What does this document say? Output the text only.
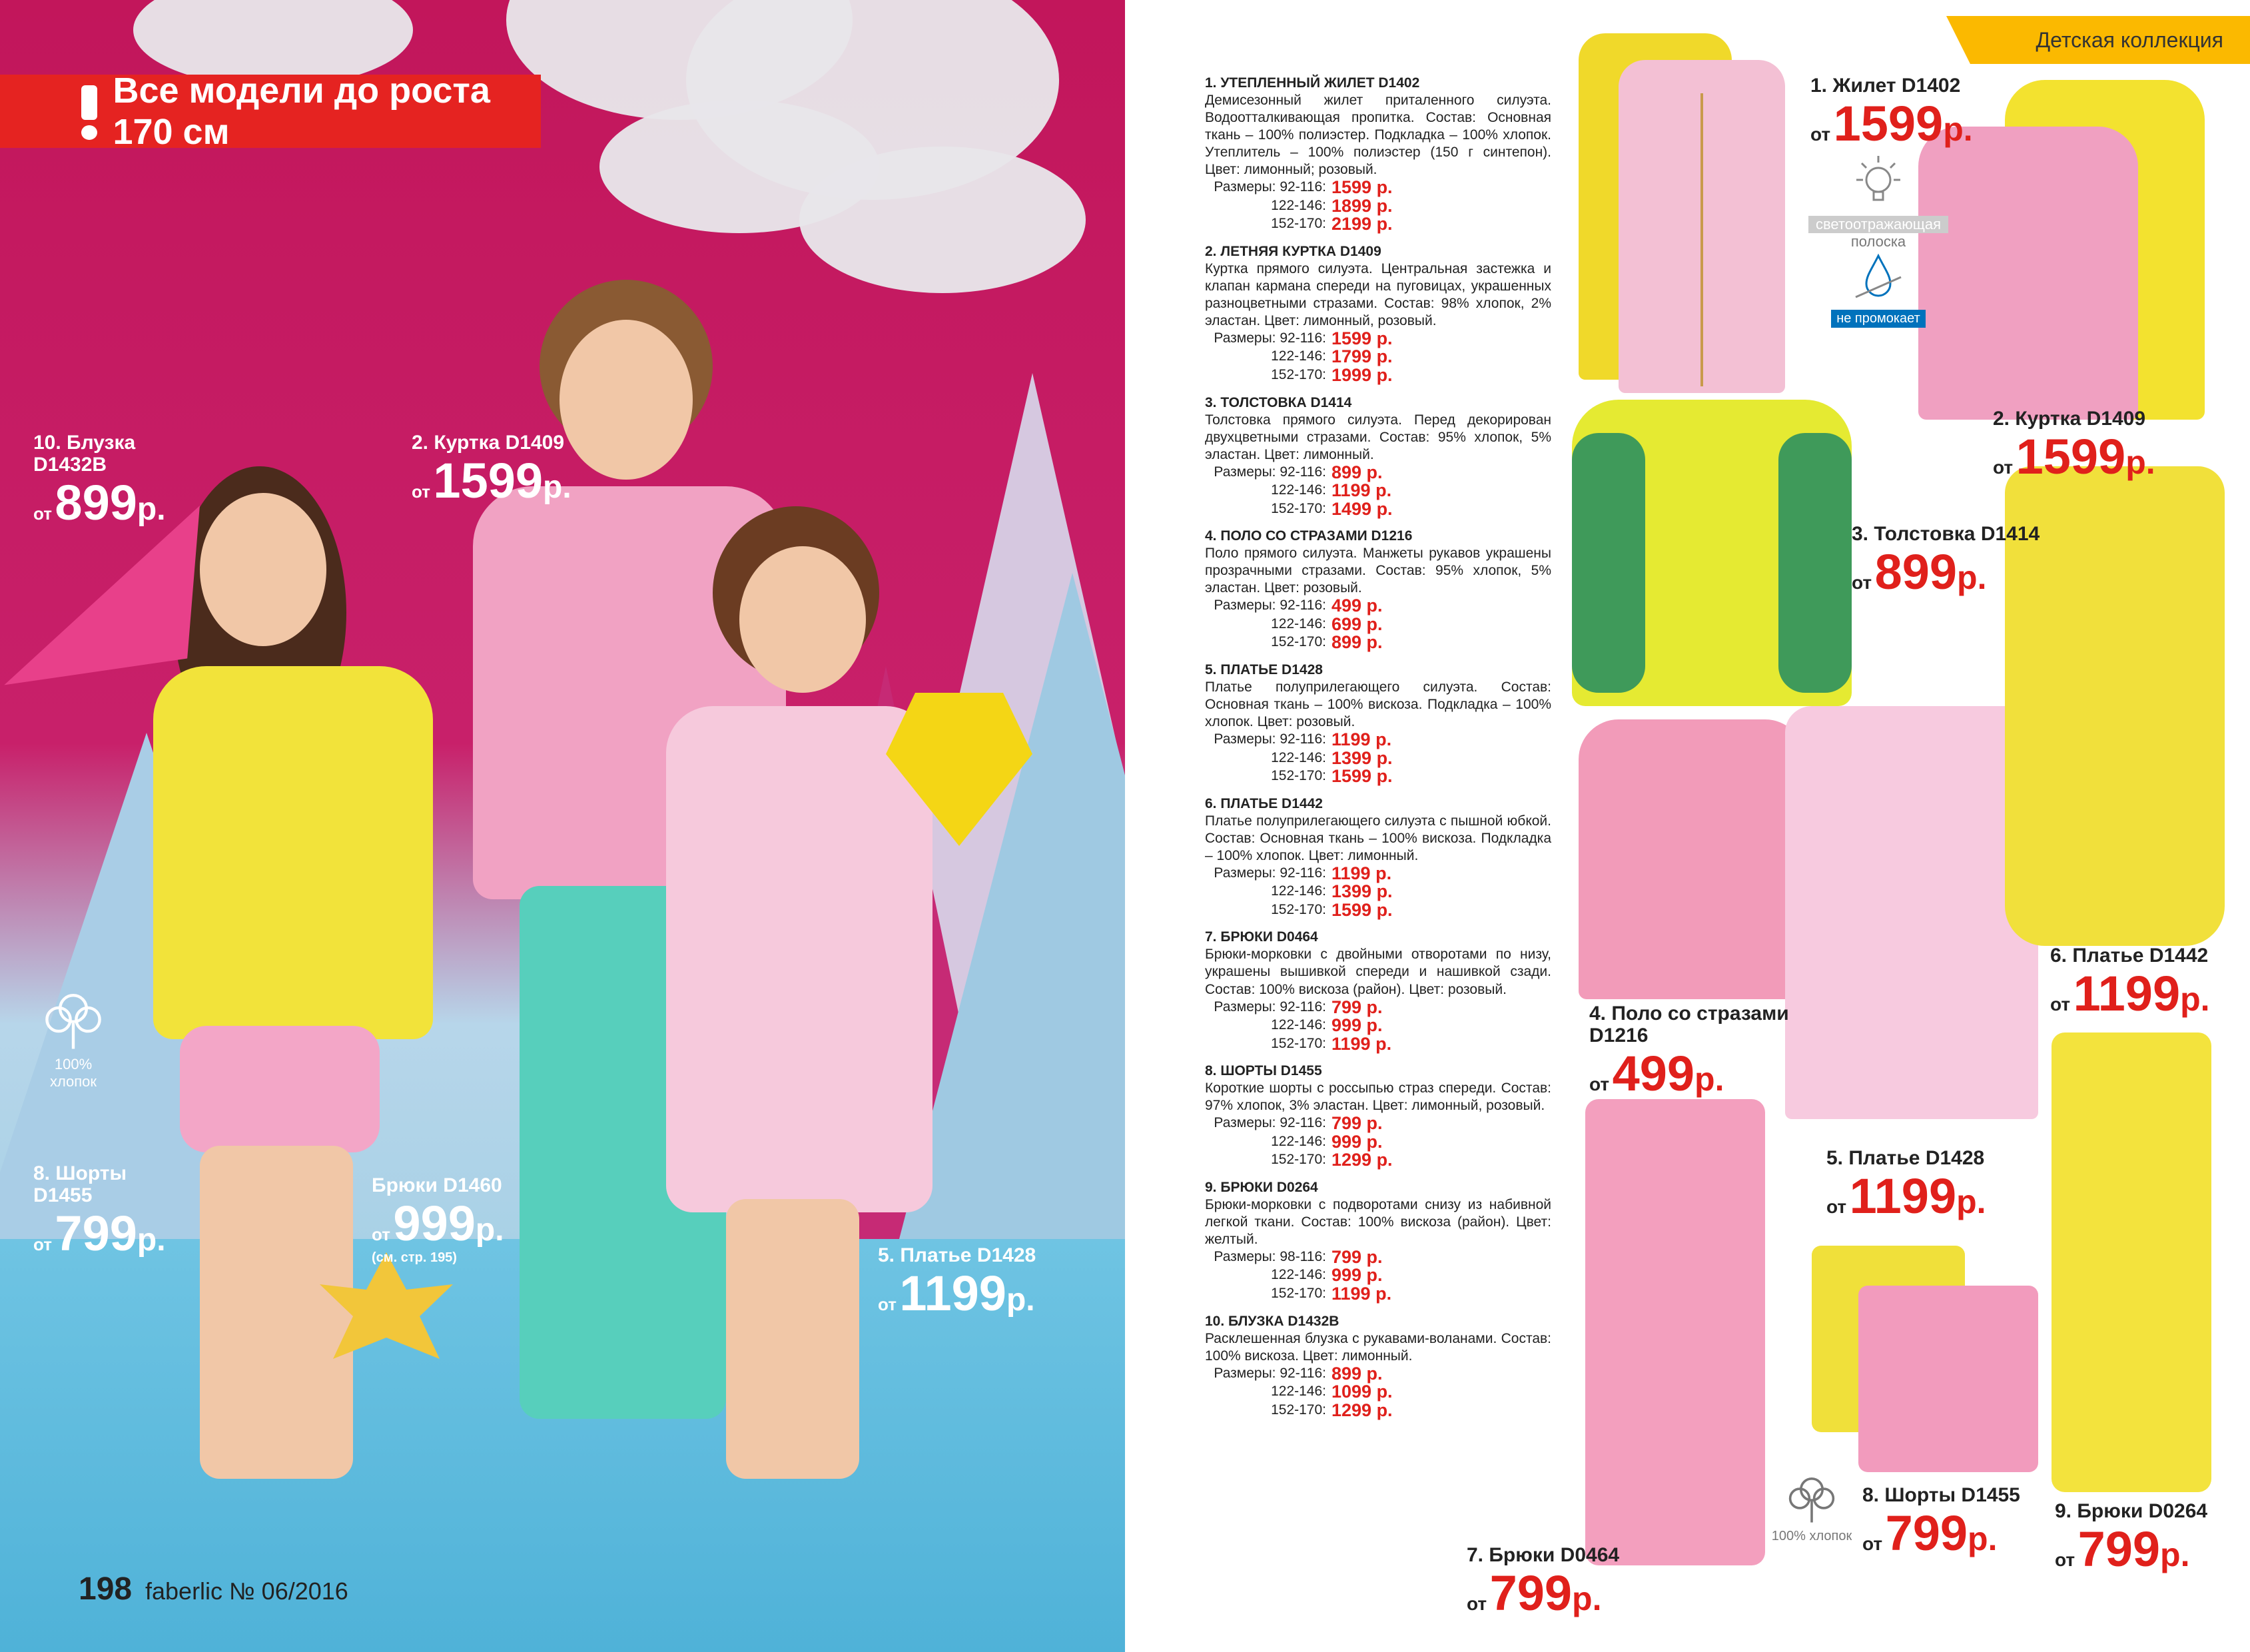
Все модели до роста 170 см
10. Блузка
D1432B
от 899р.
2. Куртка D1409
от 1599р.
100% хлопок
8. Шорты
D1455
от 799р.
Брюки D1460
от 999р.
(см. стр. 195)	5. Платье D1428
от 1199р.
198 faberlic № 06/2016
Детская коллекция
1. УТЕПЛЕННЫЙ ЖИЛЕТ D1402
Демисезонный жилет приталенного силуэта. Водоотталкивающая пропитка. Состав: Основная ткань – 100% полиэстер. Подкладка – 100% хлопок. Утеплитель – 100% полиэстер (150 г синтепон). Цвет: лимонный; розовый.
Размеры: 92-116: 1599 р.
122-146: 1899 р.
152-170: 2199 р.
2. ЛЕТНЯЯ КУРТКА D1409
Куртка прямого силуэта. Центральная застежка и клапан кармана спереди на пуговицах, украшенных разноцветными стразами. Состав: 98% хлопок, 2% эластан. Цвет: лимонный, розовый.
Размеры: 92-116: 1599 р.
122-146: 1799 р.
152-170: 1999 р.
3. ТОЛСТОВКА D1414
Толстовка прямого силуэта. Перед декорирован двухцветными стразами. Состав: 95% хлопок, 5% эластан. Цвет: лимонный.
Размеры: 92-116: 899 р.
122-146: 1199 р.
152-170: 1499 р.
4. ПОЛО СО СТРАЗАМИ D1216
Поло прямого силуэта. Манжеты рукавов украшены прозрачными стразами. Состав: 95% хлопок, 5% эластан. Цвет: розовый.
Размеры: 92-116: 499 р.
122-146: 699 р.
152-170: 899 р.
5. ПЛАТЬЕ D1428
Платье полуприлегающего силуэта. Состав: Основная ткань – 100% вискоза. Подкладка – 100% хлопок. Цвет: розовый.
Размеры: 92-116: 1199 р.
122-146: 1399 р.
152-170: 1599 р.
6. ПЛАТЬЕ D1442
Платье полуприлегающего силуэта с пышной юбкой. Состав: Основная ткань – 100% вискоза. Подкладка – 100% хлопок. Цвет: лимонный.
Размеры: 92-116: 1199 р.
122-146: 1399 р.
152-170: 1599 р.
7. БРЮКИ D0464
Брюки-морковки с двойными отворотами по низу, украшены вышивкой спереди и нашивкой сзади. Состав: 100% вискоза (район). Цвет: розовый.
Размеры: 92-116: 799 р.
122-146: 999 р.
152-170: 1199 р.
8. ШОРТЫ D1455
Короткие шорты с россыпью страз спереди. Состав: 97% хлопок, 3% эластан. Цвет: лимонный, розовый.
Размеры: 92-116: 799 р.
122-146: 999 р.
152-170: 1299 р.
9. БРЮКИ D0264
Брюки-морковки с подворотами снизу из набивной легкой ткани. Состав: 100% вискоза (район). Цвет: желтый.
Размеры: 98-116: 799 р.
122-146: 999 р.
152-170: 1199 р.
10. БЛУЗКА D1432B
Расклешенная блузка с рукавами-воланами. Состав: 100% вискоза. Цвет: лимонный.
Размеры: 92-116: 899 р.
122-146: 1099 р.
152-170: 1299 р.
светоотражающая
полоска
не промокает
1. Жилет D1402
от 1599р.
2. Куртка D1409
от 1599р.
3. Толстовка D1414
от 899р.
4. Поло со стразами
D1216
от 499р.
5. Платье D1428
от 1199р.
6. Платье D1442
от 1199р.
7. Брюки D0464
от 799р.
8. Шорты D1455
от 799р.
9. Брюки D0264
от 799р.
100% хлопок
